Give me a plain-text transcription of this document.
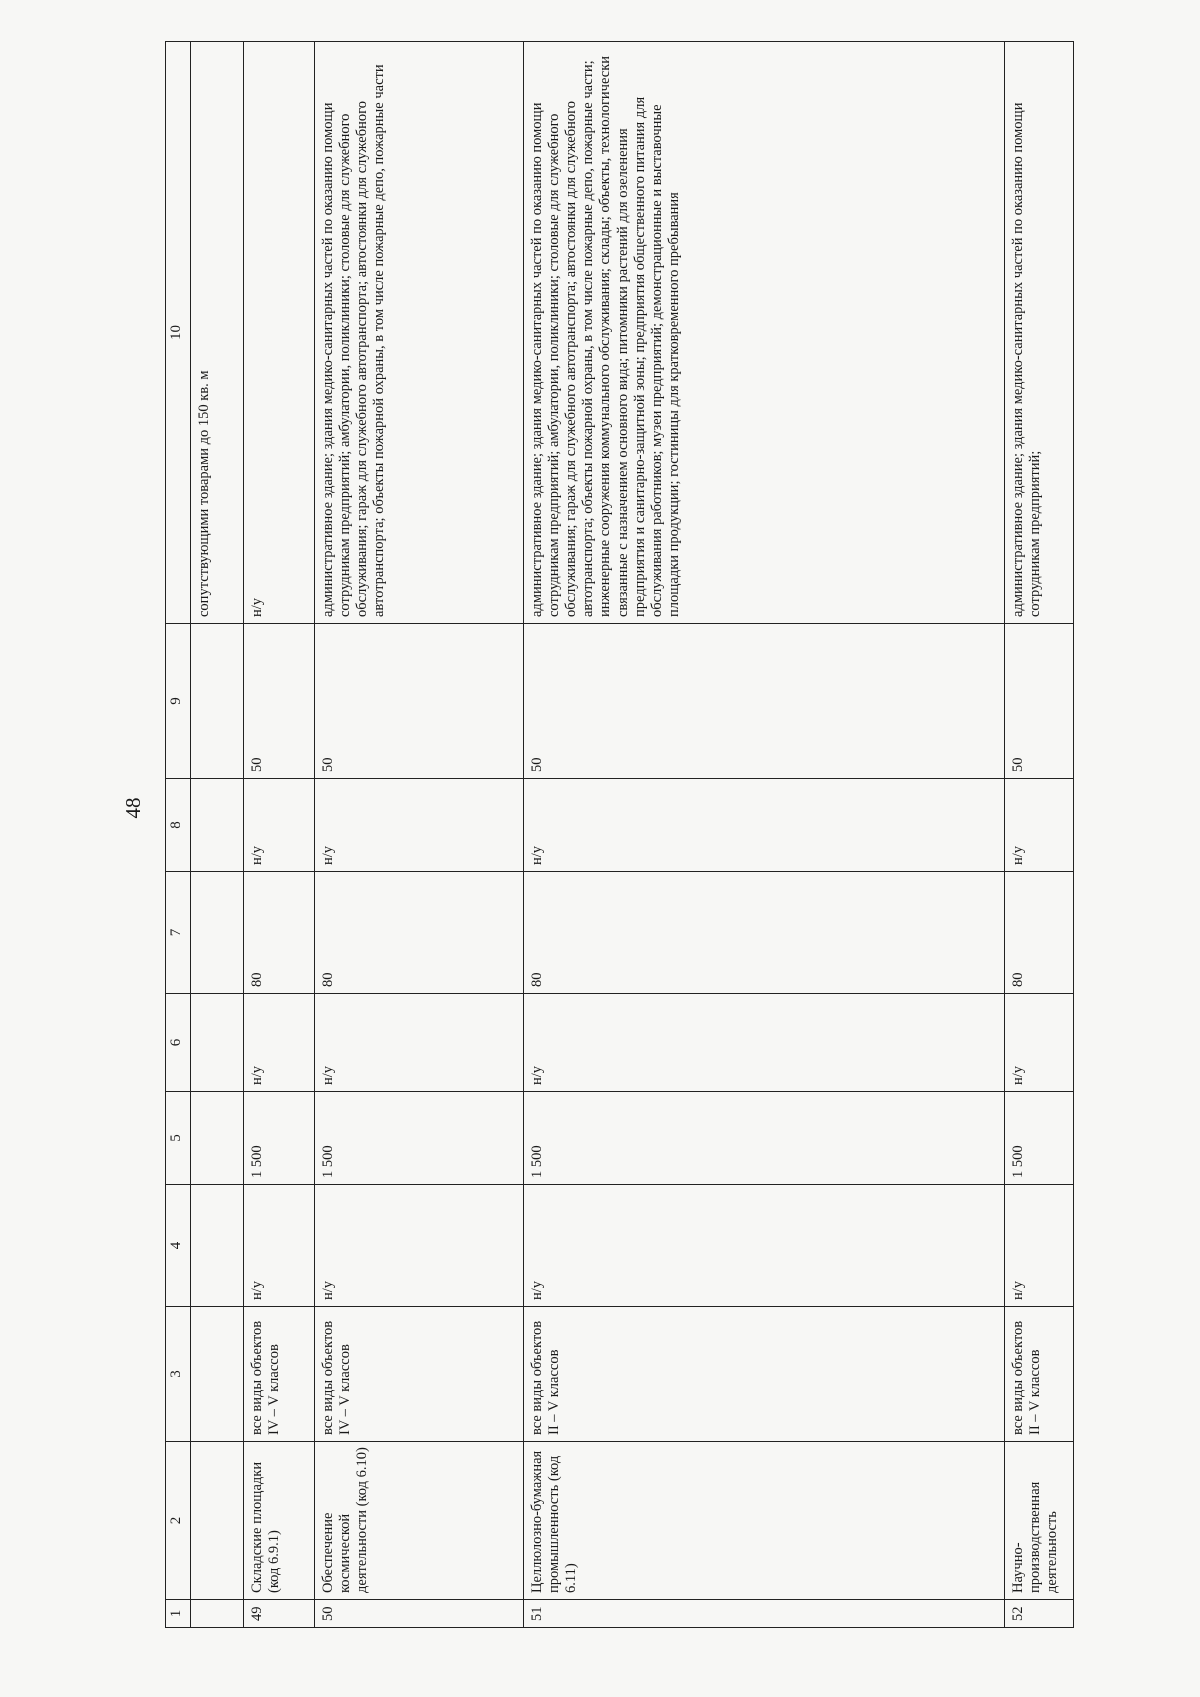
48
1	2	3	4	5	6	7	8	9	10
									сопутствующими товарами до 150 кв. м
49	Складские площадки (код 6.9.1)	все виды объектов IV – V классов	н/у	1 500	н/у	80	н/у	50	н/у
50	Обеспечение космической деятельности (код 6.10)	все виды объектов IV – V классов	н/у	1 500	н/у	80	н/у	50	административное здание; здания медико-санитарных частей по оказанию помощи сотрудникам предприятий; амбулатории, поликлиники; столовые для служебного обслуживания; гараж для служебного автотранспорта; автостоянки для служебного автотранспорта; объекты пожарной охраны, в том числе пожарные депо, пожарные части
51	Целлюлозно-бумажная промышленность (код 6.11)	все виды объектов II – V классов	н/у	1 500	н/у	80	н/у	50	административное здание; здания медико-санитарных частей по оказанию помощи сотрудникам предприятий; амбулатории, поликлиники; столовые для служебного обслуживания; гараж для служебного автотранспорта; автостоянки для служебного автотранспорта; объекты пожарной охраны, в том числе пожарные депо, пожарные части; инженерные сооружения коммунального обслуживания; склады; объекты, технологически связанные с назначением основного вида; питомники растений для озеленения предприятия и санитарно-защитной зоны; предприятия общественного питания для обслуживания работников; музеи предприятий; демонстрационные и выставочные площадки продукции; гостиницы для кратковременного пребывания
52	Научно-производственная деятельность	все виды объектов II – V классов	н/у	1 500	н/у	80	н/у	50	административное здание; здания медико-санитарных частей по оказанию помощи сотрудникам предприятий;
